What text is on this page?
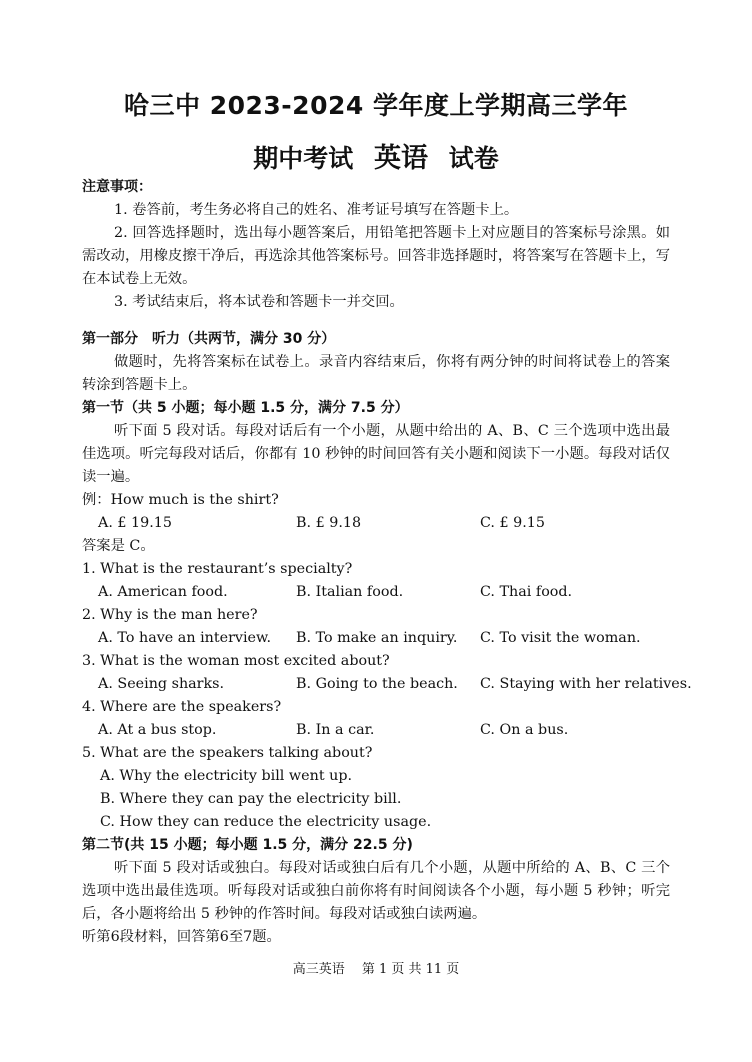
哈三中 2023-2024 学年度上学期高三学年
期中考试 英语 试卷
注意事项：
1. 卷答前，考生务必将自己的姓名、准考证号填写在答题卡上。
2. 回答选择题时，选出每小题答案后，用铅笔把答题卡上对应题目的答案标号涂黑。如需改动，用橡皮擦干净后，再选涂其他答案标号。回答非选择题时，将答案写在答题卡上，写在本试卷上无效。
3. 考试结束后，将本试卷和答题卡一并交回。
第一部分　听力（共两节，满分 30 分）
做题时，先将答案标在试卷上。录音内容结束后，你将有两分钟的时间将试卷上的答案转涂到答题卡上。
第一节（共 5 小题；每小题 1.5 分，满分 7.5 分）
听下面 5 段对话。每段对话后有一个小题，从题中给出的 A、B、C 三个选项中选出最佳选项。听完每段对话后，你都有 10 秒钟的时间回答有关小题和阅读下一小题。每段对话仅读一遍。
例：How much is the shirt?
A. £ 19.15	B. £ 9.18	C. £ 9.15
答案是 C。
1. What is the restaurant’s specialty?
A. American food.	B. Italian food.	C. Thai food.
2. Why is the man here?
A. To have an interview. B. To make an inquiry. C. To visit the woman.
3. What is the woman most excited about?
A. Seeing sharks.	B. Going to the beach. C. Staying with her relatives.
4. Where are the speakers?
A. At a bus stop.	B. In a car.	C. On a bus.
5. What are the speakers talking about?
A. Why the electricity bill went up.
B. Where they can pay the electricity bill.
C. How they can reduce the electricity usage.
第二节(共 15 小题；每小题 1.5 分，满分 22.5 分)
听下面 5 段对话或独白。每段对话或独白后有几个小题，从题中所给的 A、B、C 三个选项中选出最佳选项。听每段对话或独白前你将有时间阅读各个小题，每小题 5 秒钟；听完后，各小题将给出 5 秒钟的作答时间。每段对话或独白读两遍。
听第6段材料，回答第6至7题。
高三英语　 第 1 页 共 11 页
